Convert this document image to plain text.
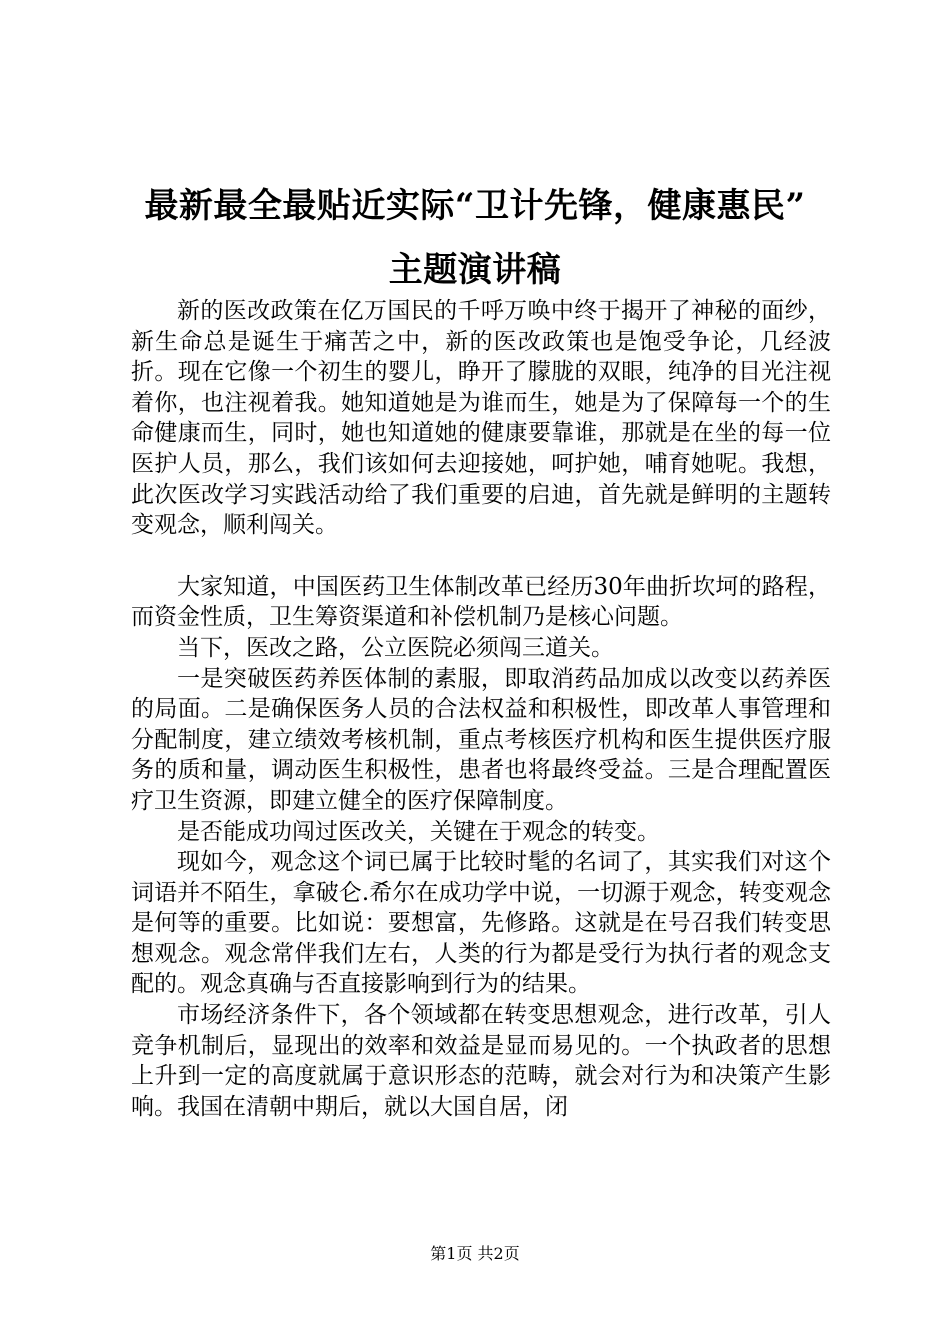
最新最全最贴近实际“卫计先锋，健康惠民”
主题演讲稿

新的医改政策在亿万国民的千呼万唤中终于揭开了神秘的面纱，新生命总是诞生于痛苦之中，新的医改政策也是饱受争论，几经波折。现在它像一个初生的婴儿，睁开了朦胧的双眼，纯净的目光注视着你，也注视着我。她知道她是为谁而生，她是为了保障每一个的生命健康而生，同时，她也知道她的健康要靠谁，那就是在坐的每一位医护人员，那么，我们该如何去迎接她，呵护她，哺育她呢。我想，此次医改学习实践活动给了我们重要的启迪，首先就是鲜明的主题转变观念，顺利闯关。

大家知道，中国医药卫生体制改革已经历30年曲折坎坷的路程，而资金性质，卫生筹资渠道和补偿机制乃是核心问题。

当下，医改之路，公立医院必须闯三道关。

一是突破医药养医体制的素服，即取消药品加成以改变以药养医的局面。二是确保医务人员的合法权益和积极性，即改革人事管理和分配制度，建立绩效考核机制，重点考核医疗机构和医生提供医疗服务的质和量，调动医生积极性，患者也将最终受益。三是合理配置医疗卫生资源，即建立健全的医疗保障制度。

是否能成功闯过医改关，关键在于观念的转变。

现如今，观念这个词已属于比较时髦的名词了，其实我们对这个词语并不陌生，拿破仑.希尔在成功学中说，一切源于观念，转变观念是何等的重要。比如说：要想富，先修路。这就是在号召我们转变思想观念。观念常伴我们左右，人类的行为都是受行为执行者的观念支配的。观念真确与否直接影响到行为的结果。

市场经济条件下，各个领域都在转变思想观念，进行改革，引人竞争机制后，显现出的效率和效益是显而易见的。一个执政者的思想上升到一定的高度就属于意识形态的范畴，就会对行为和决策产生影响。我国在清朝中期后，就以大国自居，闭

第1页 共2页
